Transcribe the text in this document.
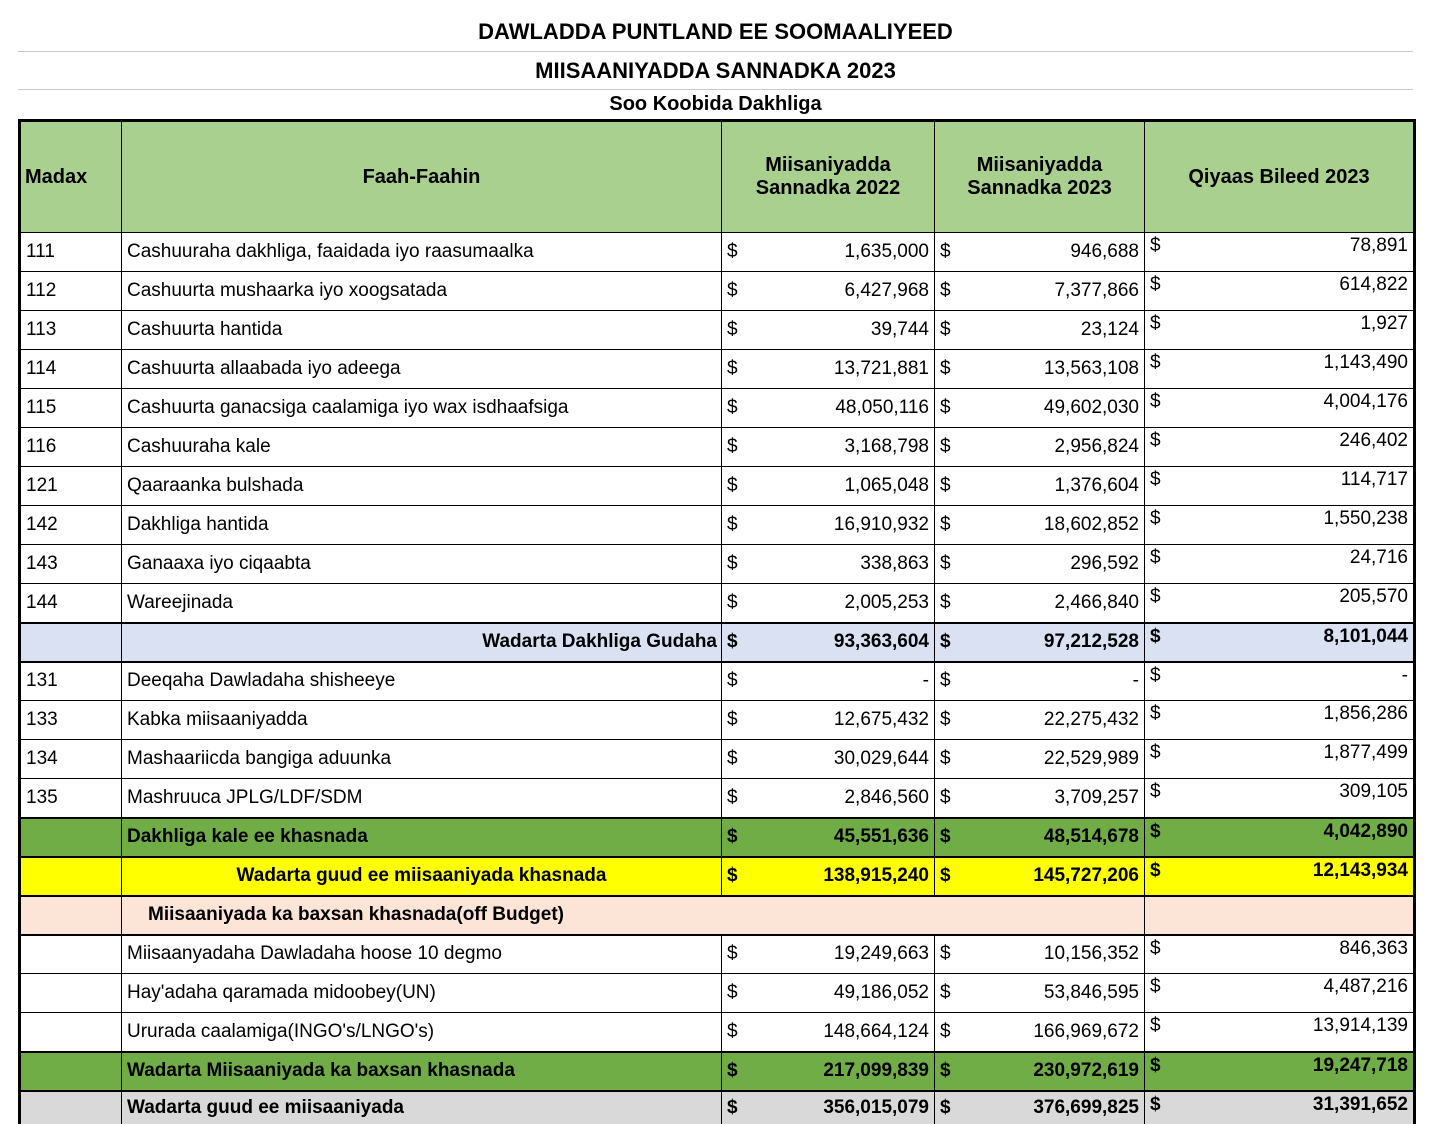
DAWLADDA PUNTLAND EE SOOMAALIYEED
MIISAANIYADDA SANNADKA 2023
Soo Koobida Dakhliga
Madax	Faah-Faahin	Miisaniyadda Sannadka 2022	Miisaniyadda Sannadka 2023	Qiyaas Bileed 2023
111	Cashuuraha dakhliga, faaidada iyo raasumaalka	$ 1,635,000	$ 946,688	$ 78,891

112	Cashuurta mushaarka iyo xoogsatada	$ 6,427,968	$ 7,377,866	$ 614,822

113	Cashuurta hantida	$ 39,744	$ 23,124	$ 1,927

114	Cashuurta allaabada iyo adeega	$ 13,721,881	$ 13,563,108	$ 1,143,490

115	Cashuurta ganacsiga caalamiga iyo wax isdhaafsiga	$ 48,050,116	$ 49,602,030	$ 4,004,176

116	Cashuuraha kale	$ 3,168,798	$ 2,956,824	$ 246,402

121	Qaaraanka bulshada	$ 1,065,048	$ 1,376,604	$ 114,717

142	Dakhliga hantida	$ 16,910,932	$ 18,602,852	$ 1,550,238

143	Ganaaxa iyo ciqaabta	$ 338,863	$ 296,592	$ 24,716

144	Wareejinada	$ 2,005,253	$ 2,466,840	$ 205,570

	Wadarta Dakhliga Gudaha	$ 93,363,604	$ 97,212,528	$ 8,101,044

131	Deeqaha Dawladaha shisheeye	$ -	$ -	$ -

133	Kabka miisaaniyadda	$ 12,675,432	$ 22,275,432	$ 1,856,286

134	Mashaariicda bangiga aduunka	$ 30,029,644	$ 22,529,989	$ 1,877,499

135	Mashruuca JPLG/LDF/SDM	$ 2,846,560	$ 3,709,257	$ 309,105

	Dakhliga kale ee khasnada	$ 45,551,636	$ 48,514,678	$ 4,042,890

	Wadarta guud ee miisaaniyada khasnada	$ 138,915,240	$ 145,727,206	$ 12,143,934

	Miisaaniyada ka baxsan khasnada(off Budget)			
	Miisaanyadaha Dawladaha hoose 10 degmo	$ 19,249,663	$ 10,156,352	$ 846,363

	Hay'adaha qaramada midoobey(UN)	$ 49,186,052	$ 53,846,595	$ 4,487,216

	Ururada caalamiga(INGO's/LNGO's)	$ 148,664,124	$ 166,969,672	$ 13,914,139

	Wadarta Miisaaniyada ka baxsan khasnada	$ 217,099,839	$ 230,972,619	$ 19,247,718

	Wadarta guud ee miisaaniyada	$ 356,015,079	$ 376,699,825	$ 31,391,652
